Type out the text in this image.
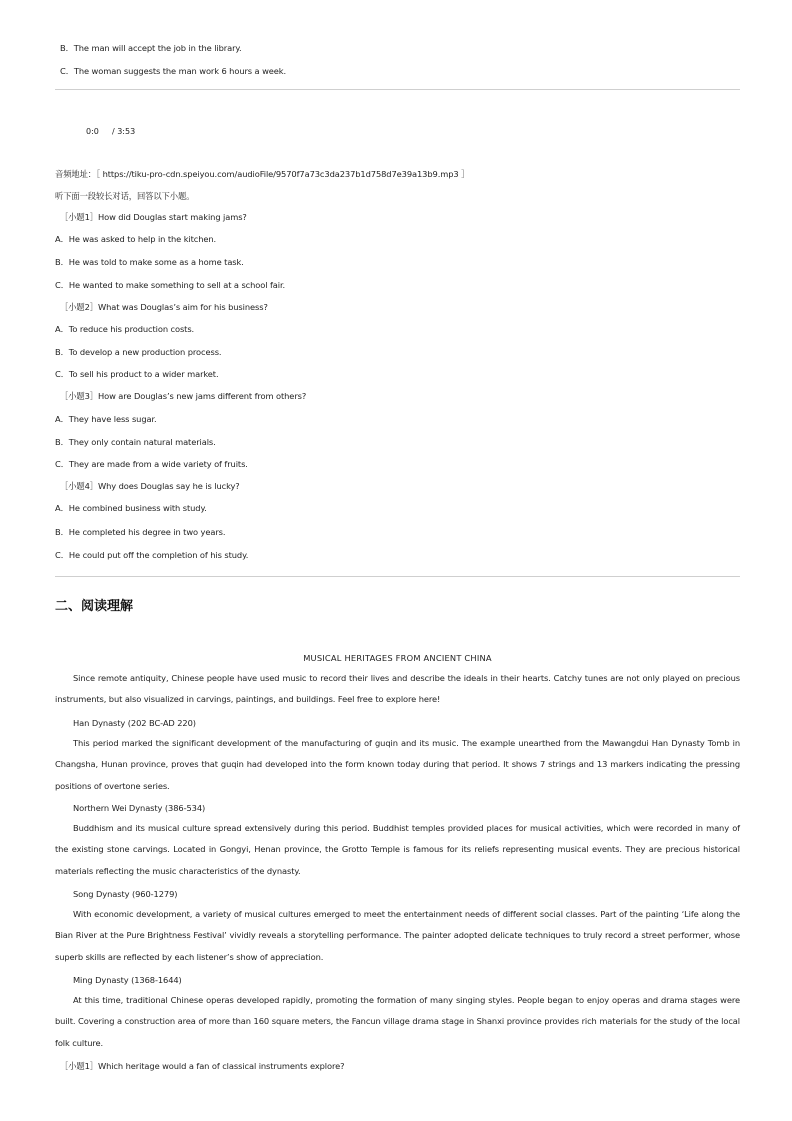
B．The man will accept the job in the library.
C．The woman suggests the man work 6 hours a week.
0:0 / 3:53
音频地址：［ https://tiku-pro-cdn.speiyou.com/audioFile/9570f7a73c3da237b1d758d7e39a13b9.mp3 ］
听下面一段较长对话，回答以下小题。
［小题1］How did Douglas start making jams?
A．He was asked to help in the kitchen.
B．He was told to make some as a home task.
C．He wanted to make something to sell at a school fair.
［小题2］What was Douglas’s aim for his business?
A．To reduce his production costs.
B．To develop a new production process.
C．To sell his product to a wider market.
［小题3］How are Douglas’s new jams different from others?
A．They have less sugar.
B．They only contain natural materials.
C．They are made from a wide variety of fruits.
［小题4］Why does Douglas say he is lucky?
A．He combined business with study.
B．He completed his degree in two years.
C．He could put off the completion of his study.
二、阅读理解
MUSICAL HERITAGES FROM ANCIENT CHINA
Since remote antiquity, Chinese people have used music to record their lives and describe the ideals in their hearts. Catchy tunes are not only played on precious instruments, but also visualized in carvings, paintings, and buildings. Feel free to explore here!
Han Dynasty (202 BC-AD 220)
This period marked the significant development of the manufacturing of guqin and its music. The example unearthed from the Mawangdui Han Dynasty Tomb in Changsha, Hunan province, proves that guqin had developed into the form known today during that period. It shows 7 strings and 13 markers indicating the pressing positions of overtone series.
Northern Wei Dynasty (386-534)
Buddhism and its musical culture spread extensively during this period. Buddhist temples provided places for musical activities, which were recorded in many of the existing stone carvings. Located in Gongyi, Henan province, the Grotto Temple is famous for its reliefs representing musical events. They are precious historical materials reflecting the music characteristics of the dynasty.
Song Dynasty (960-1279)
With economic development, a variety of musical cultures emerged to meet the entertainment needs of different social classes. Part of the painting ‘Life along the Bian River at the Pure Brightness Festival’ vividly reveals a storytelling performance. The painter adopted delicate techniques to truly record a street performer, whose superb skills are reflected by each listener’s show of appreciation.
Ming Dynasty (1368-1644)
At this time, traditional Chinese operas developed rapidly, promoting the formation of many singing styles. People began to enjoy operas and drama stages were built. Covering a construction area of more than 160 square meters, the Fancun village drama stage in Shanxi province provides rich materials for the study of the local folk culture.
［小题1］Which heritage would a fan of classical instruments explore?
